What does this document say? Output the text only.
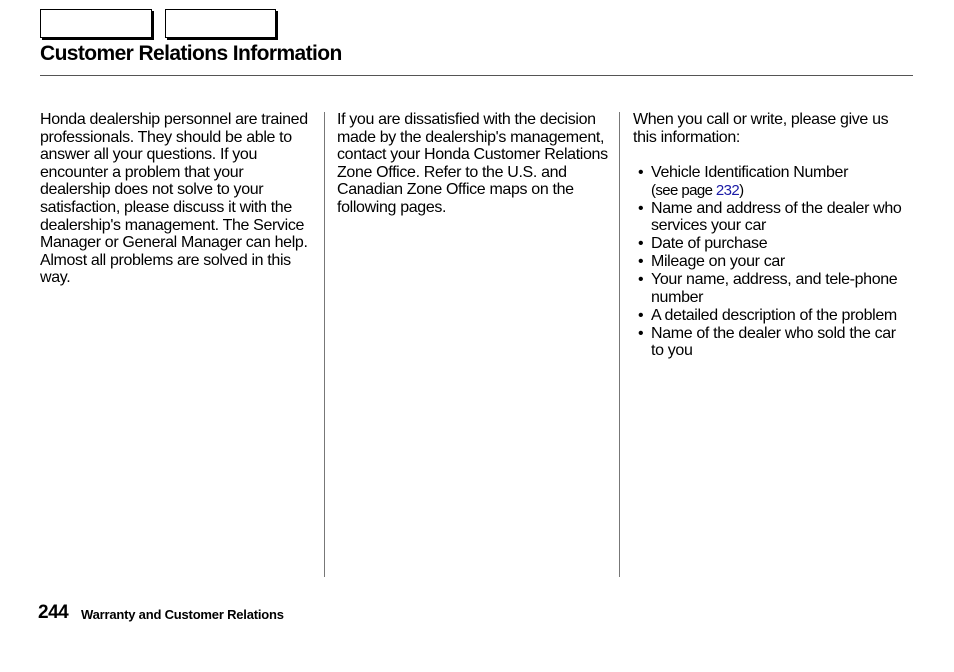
Customer Relations Information

Honda dealership personnel are trained professionals. They should be able to answer all your questions. If you encounter a problem that your dealership does not solve to your satisfaction, please discuss it with the dealership's management. The Service Manager or General Manager can help. Almost all problems are solved in this way.

If you are dissatisfied with the decision made by the dealership's management, contact your Honda Customer Relations Zone Office. Refer to the U.S. and Canadian Zone Office maps on the following pages.

When you call or write, please give us this information:

• Vehicle Identification Number
(see page 232)
• Name and address of the dealer who services your car
• Date of purchase
• Mileage on your car
• Your name, address, and tele-phone number
• A detailed description of the problem
• Name of the dealer who sold the car to you
244 Warranty and Customer Relations
